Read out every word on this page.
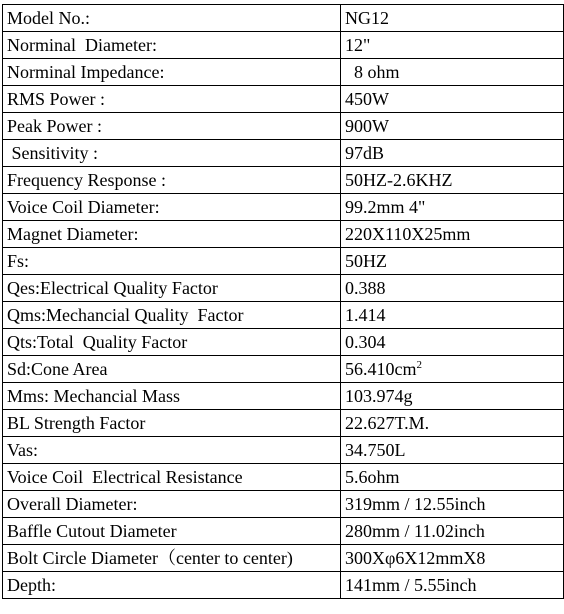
Model No.:	NG12
Norminal  Diameter:	12"
Norminal Impedance:	8 ohm
RMS Power :	450W
Peak Power :	900W
Sensitivity :	97dB
Frequency Response :	50HZ-2.6KHZ
Voice Coil Diameter:	99.2mm 4"
Magnet Diameter:	220X110X25mm
Fs:	50HZ
Qes:Electrical Quality Factor	0.388
Qms:Mechancial Quality  Factor	1.414
Qts:Total  Quality Factor	0.304
Sd:Cone Area	$56.410cm^2$
Mms: Mechancial Mass	103.974g
BL Strength Factor	22.627T.M.
Vas:	34.750L
Voice Coil  Electrical Resistance	5.6ohm
Overall Diameter:	319mm / 12.55inch
Baffle Cutout Diameter	280mm / 11.02inch
Bolt Circle Diameter（center to center)	300Xφ6X12mmX8
Depth:	141mm / 5.55inch
